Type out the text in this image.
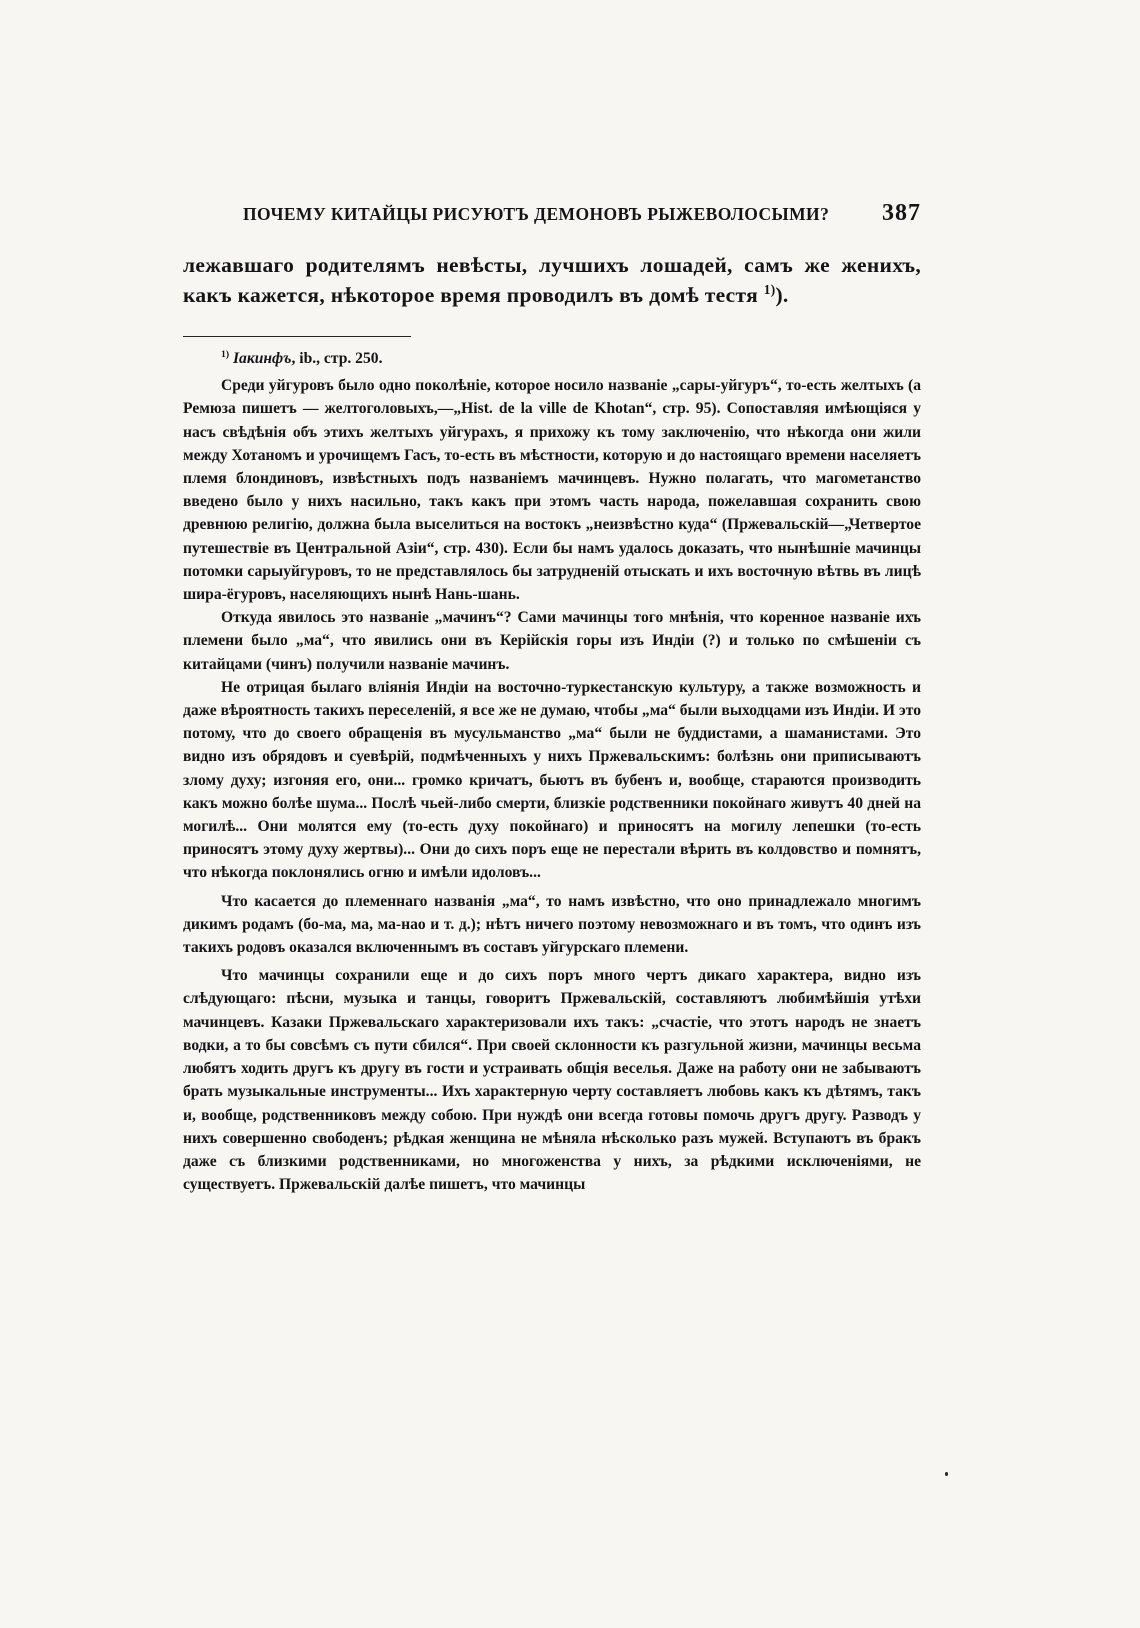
ПОЧЕМУ КИТАЙЦЫ РИСУЮТЪ ДЕМОНОВЪ РЫЖЕВОЛОСЫМИ? 387
лежавшаго родителямъ невѣсты, лучшихъ лошадей, самъ же женихъ, какъ кажется, нѣкоторое время проводилъ въ домѣ тестя $^{1)}$).

$^{1)}$ Іакинфъ, ib., стр. 250.

Среди уйгуровъ было одно поколѣніе, которое носило названіе „сары-уйгуръ“, то-есть желтыхъ (а Ремюза пишетъ — желтоголовыхъ,—„Hist. de la ville de Khotan“, стр. 95). Сопоставляя имѣющіяся у насъ свѣдѣнія объ этихъ желтыхъ уйгурахъ, я прихожу къ тому заключенію, что нѣкогда они жили между Хотаномъ и урочищемъ Гасъ, то-есть въ мѣстности, которую и до настоящаго времени населяетъ племя блондиновъ, извѣстныхъ подъ названіемъ мачинцевъ. Нужно полагать, что магометанство введено было у нихъ насильно, такъ какъ при этомъ часть народа, пожелавшая сохранить свою древнюю религію, должна была выселиться на востокъ „неизвѣстно куда“ (Пржевальскій—„Четвертое путешествіе въ Центральной Азіи“, стр. 430). Если бы намъ удалось доказать, что нынѣшніе мачинцы потомки сарыуйгуровъ, то не представлялось бы затрудненій отыскать и ихъ восточную вѣтвь въ лицѣ шира-ёгуровъ, населяющихъ нынѣ Нань-шань.

Откуда явилось это названіе „мачинъ“? Сами мачинцы того мнѣнія, что коренное названіе ихъ племени было „ма“, что явились они въ Керійскія горы изъ Индіи (?) и только по смѣшеніи съ китайцами (чинъ) получили названіе мачинъ.

Не отрицая былаго вліянія Индіи на восточно-туркестанскую культуру, а также возможность и даже вѣроятность такихъ переселеній, я все же не думаю, чтобы „ма“ были выходцами изъ Индіи. И это потому, что до своего обращенія въ мусульманство „ма“ были не буддистами, а шаманистами. Это видно изъ обрядовъ и суевѣрій, подмѣченныхъ у нихъ Пржевальскимъ: болѣзнь они приписываютъ злому духу; изгоняя его, они... громко кричатъ, бьютъ въ бубенъ и, вообще, стараются производить какъ можно болѣе шума... Послѣ чьей-либо смерти, близкіе родственники покойнаго живутъ 40 дней на могилѣ... Они молятся ему (то-есть духу покойнаго) и приносятъ на могилу лепешки (то-есть приносятъ этому духу жертвы)... Они до сихъ поръ еще не перестали вѣрить въ колдовство и помнятъ, что нѣкогда поклонялись огню и имѣли идоловъ...

Что касается до племеннаго названія „ма“, то намъ извѣстно, что оно принадлежало многимъ дикимъ родамъ (бо-ма, ма, ма-нао и т. д.); нѣтъ ничего поэтому невозможнаго и въ томъ, что одинъ изъ такихъ родовъ оказался включеннымъ въ составъ уйгурскаго племени.

Что мачинцы сохранили еще и до сихъ поръ много чертъ дикаго характера, видно изъ слѣдующаго: пѣсни, музыка и танцы, говоритъ Пржевальскій, составляютъ любимѣйшія утѣхи мачинцевъ. Казаки Пржевальскаго характеризовали ихъ такъ: „счастіе, что этотъ народъ не знаетъ водки, а то бы совсѣмъ съ пути сбился“. При своей склонности къ разгульной жизни, мачинцы весьма любятъ ходить другъ къ другу въ гости и устраивать общія веселья. Даже на работу они не забываютъ брать музыкальные инструменты... Ихъ характерную черту составляетъ любовь какъ къ дѣтямъ, такъ и, вообще, родственниковъ между собою. При нуждѣ они всегда готовы помочь другъ другу. Разводъ у нихъ совершенно свободенъ; рѣдкая женщина не мѣняла нѣсколько разъ мужей. Вступаютъ въ бракъ даже съ близкими родственниками, но многоженства у нихъ, за рѣдкими исключеніями, не существуетъ. Пржевальскій далѣе пишетъ, что мачинцы
